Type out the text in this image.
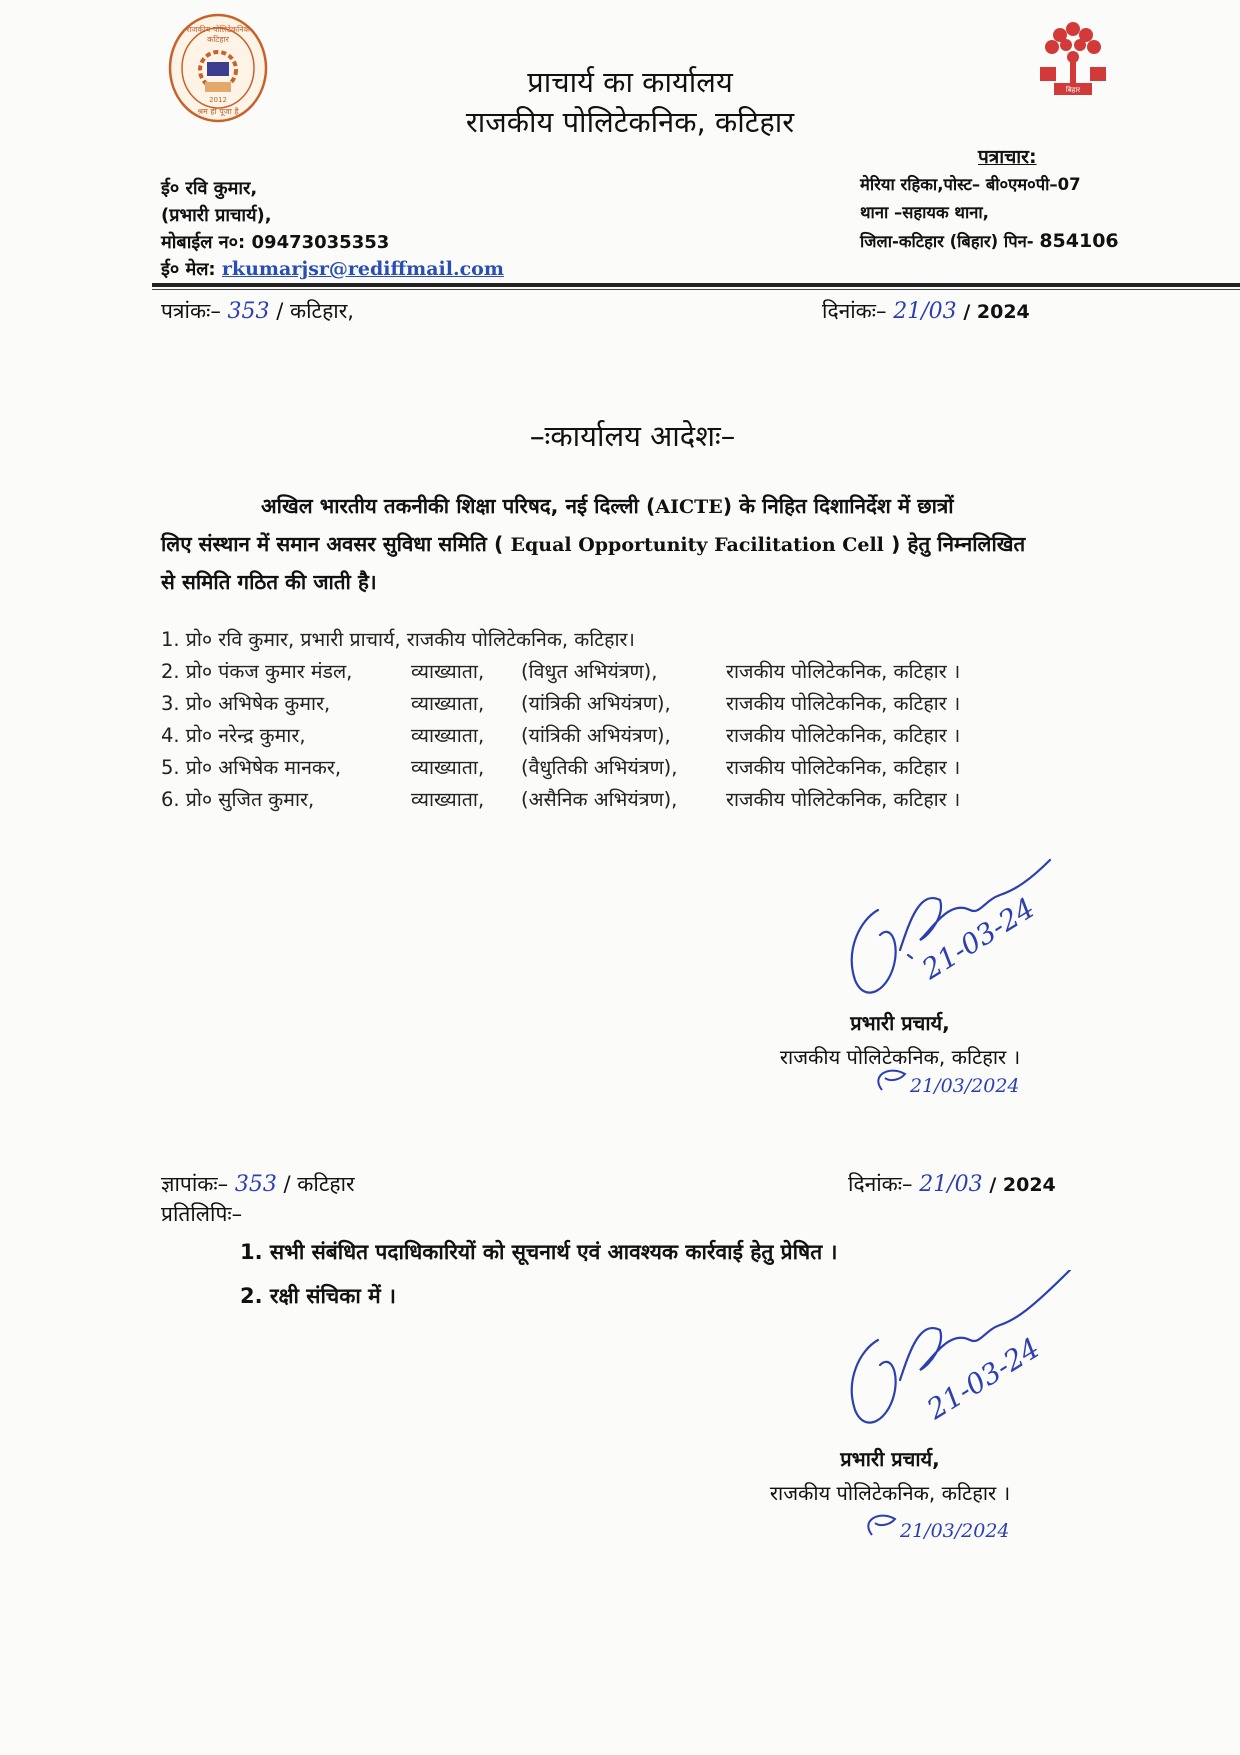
राजकीय पोलिटेकनिक
कटिहार
2012
श्रम ही पूजा है
बिहार
प्राचार्य का कार्यालय
राजकीय पोलिटेकनिक, कटिहार
ई० रवि कुमार,
(प्रभारी प्राचार्य),
मोबाईल न०: 09473035353
ई० मेल: rkumarjsr@rediffmail.com
पत्राचार:
मेरिया रहिका,पोस्ट– बी०एम०पी–07
थाना –सहायक थाना,
जिला-कटिहार (बिहार) पिन- 854106
पत्रांकः– 353 / कटिहार,	दिनांकः– 21/03 / 2024
–ःकार्यालय आदेशः–
अखिल भारतीय तकनीकी शिक्षा परिषद, नई दिल्ली (AICTE) के निहित दिशानिर्देश में छात्रों
लिए संस्थान में समान अवसर सुविधा समिति ( Equal Opportunity Facilitation Cell ) हेतु निम्नलिखित
से समिति गठित की जाती है।
1. प्रो० रवि कुमार, प्रभारी प्राचार्य, राजकीय पोलिटेकनिक, कटिहार।
2. प्रो० पंकज कुमार मंडल,	व्याख्याता, (विधुत अभियंत्रण),	राजकीय पोलिटेकनिक, कटिहार ।
3. प्रो० अभिषेक कुमार,	व्याख्याता, (यांत्रिकी अभियंत्रण),	राजकीय पोलिटेकनिक, कटिहार ।
4. प्रो० नरेन्द्र कुमार,	व्याख्याता, (यांत्रिकी अभियंत्रण),	राजकीय पोलिटेकनिक, कटिहार ।
5. प्रो० अभिषेक मानकर,	व्याख्याता, (वैधुतिकी अभियंत्रण), राजकीय पोलिटेकनिक, कटिहार ।
6. प्रो० सुजित कुमार,	व्याख्याता, (असैनिक अभियंत्रण), राजकीय पोलिटेकनिक, कटिहार ।
21-03-24
प्रभारी प्रचार्य,
राजकीय पोलिटेकनिक, कटिहार ।
21/03/2024
ज्ञापांकः– 353 / कटिहार	दिनांकः– 21/03 / 2024
प्रतिलिपिः–
1. सभी संबंधित पदाधिकारियों को सूचनार्थ एवं आवश्यक कार्रवाई हेतु प्रेषित ।
2. रक्षी संचिका में ।
21-03-24
प्रभारी प्रचार्य,
राजकीय पोलिटेकनिक, कटिहार ।
21/03/2024
